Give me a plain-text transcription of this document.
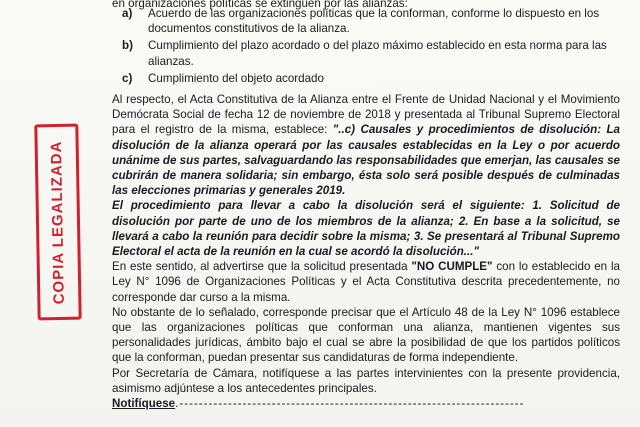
COPIA LEGALIZADA

en organizaciones políticas se extinguen por las alianzas:

a)	Acuerdo de las organizaciones políticas que la conforman, conforme lo dispuesto en los documentos constitutivos de la alianza.
b)	Cumplimiento del plazo acordado o del plazo máximo establecido en esta norma para las alianzas.
c)	Cumplimiento del objeto acordado

Al respecto, el Acta Constitutiva de la Alianza entre el Frente de Unidad Nacional y el Movimiento Demócrata Social de fecha 12 de noviembre de 2018 y presentada al Tribunal Supremo Electoral para el registro de la misma, establece: "..c) Causales y procedimientos de disolución: La disolución de la alianza operará por las causales establecidas en la Ley o por acuerdo unánime de sus partes, salvaguardando las responsabilidades que emerjan, las causales se cubrirán de manera solidaria; sin embargo, ésta solo será posible después de culminadas las elecciones primarias y generales 2019.

El procedimiento para llevar a cabo la disolución será el siguiente: 1. Solicitud de disolución por parte de uno de los miembros de la alianza; 2. En base a la solicitud, se llevará a cabo la reunión para decidir sobre la misma; 3. Se presentará al Tribunal Supremo Electoral el acta de la reunión en la cual se acordó la disolución..."

En este sentido, al advertirse que la solicitud presentada "NO CUMPLE" con lo establecido en la Ley N° 1096 de Organizaciones Políticas y el Acta Constitutiva descrita precedentemente, no corresponde dar curso a la misma.

No obstante de lo señalado, corresponde precisar que el Artículo 48 de la Ley N° 1096 establece que las organizaciones políticas que conforman una alianza, mantienen vigentes sus personalidades jurídicas, ámbito bajo el cual se abre la posibilidad de que los partidos políticos que la conforman, puedan presentar sus candidaturas de forma independiente.

Por Secretaría de Cámara, notifíquese a las partes intervinientes con la presente providencia, asimismo adjúntese a los antecedentes principales.

Notifíquese.-----------------------------------------------------------------------
